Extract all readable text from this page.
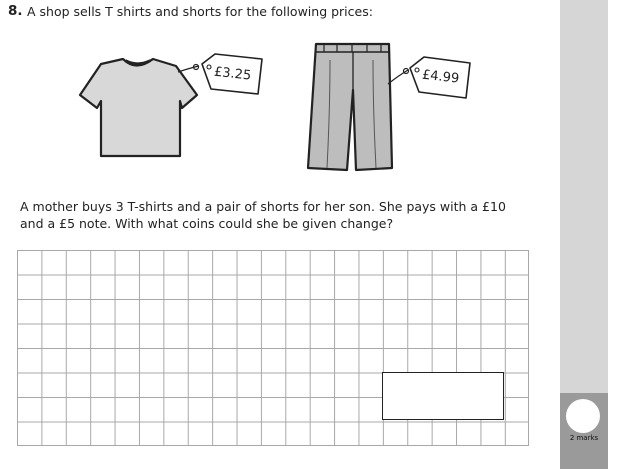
2 marks
8. A shop sells T shirts and shorts for the following prices:
£3.25	£4.99
A mother buys 3 T-shirts and a pair of shorts for her son. She pays with a £10 and a £5 note. With what coins could she be given change?
